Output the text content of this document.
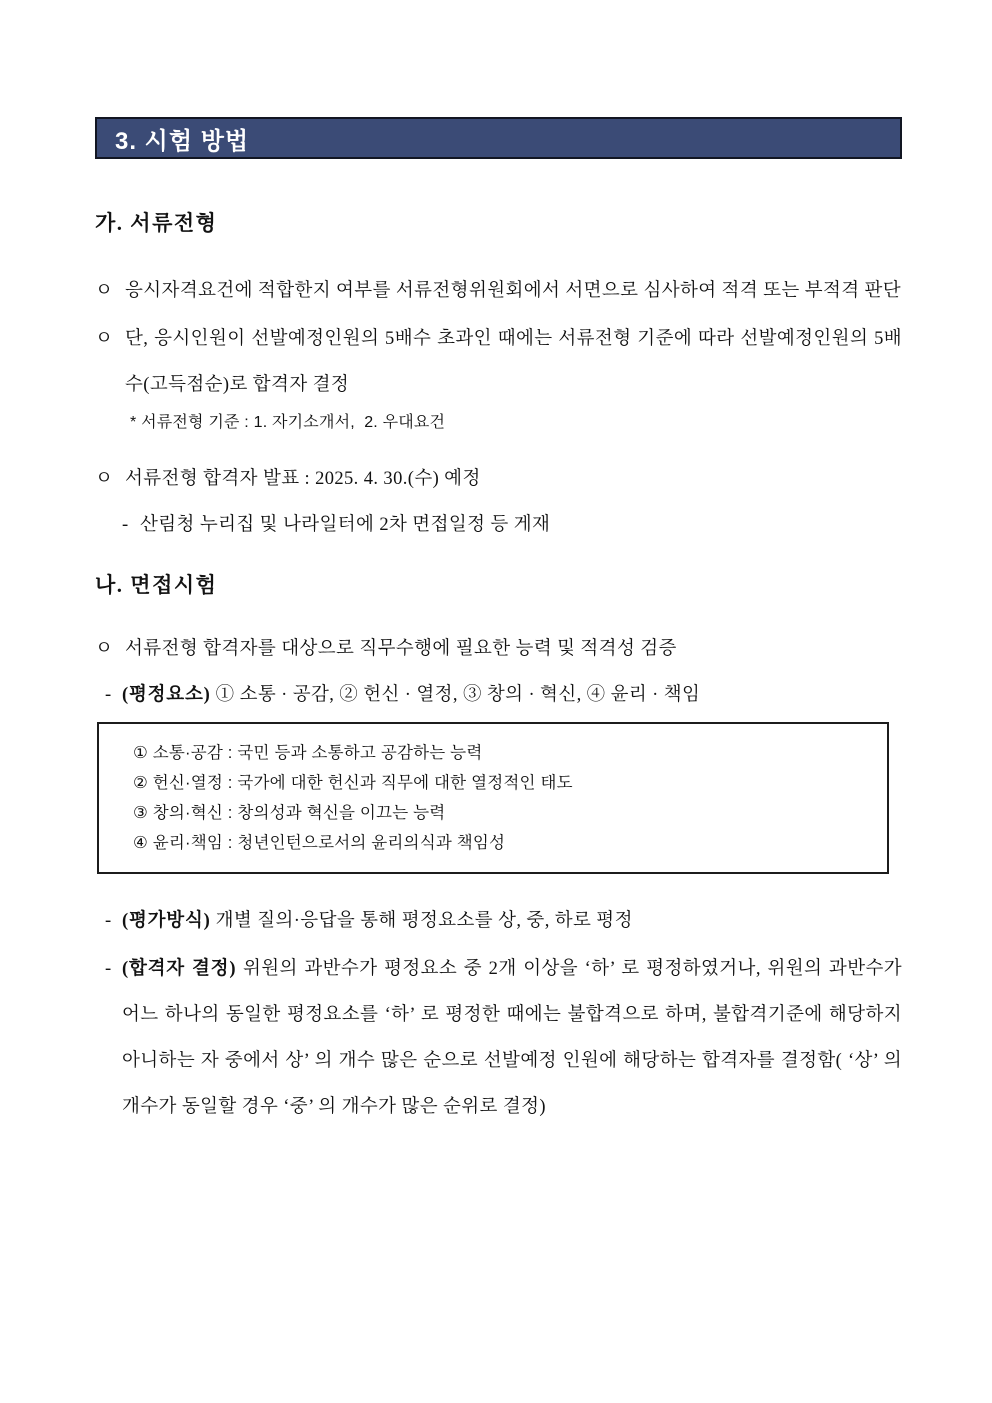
3. 시험 방법
가. 서류전형
ㅇ 응시자격요건에 적합한지 여부를 서류전형위원회에서 서면으로 심사하여 적격 또는 부적격 판단
ㅇ 단, 응시인원이 선발예정인원의 5배수 초과인 때에는 서류전형 기준에 따라 선발예정인원의 5배수(고득점순)로 합격자 결정
* 서류전형 기준 : 1. 자기소개서,  2. 우대요건
ㅇ 서류전형 합격자 발표 : 2025. 4. 30.(수) 예정
- 산림청 누리집 및 나라일터에 2차 면접일정 등 게재
나. 면접시험
ㅇ 서류전형 합격자를 대상으로 직무수행에 필요한 능력 및 적격성 검증
- (평정요소) ① 소통 · 공감, ② 헌신 · 열정, ③ 창의 · 혁신, ④ 윤리 · 책임
① 소통·공감 : 국민 등과 소통하고 공감하는 능력
② 헌신·열정 : 국가에 대한 헌신과 직무에 대한 열정적인 태도
③ 창의·혁신 : 창의성과 혁신을 이끄는 능력
④ 윤리·책임 : 청년인턴으로서의 윤리의식과 책임성
- (평가방식) 개별 질의·응답을 통해 평정요소를 상, 중, 하로 평정
- (합격자 결정) 위원의 과반수가 평정요소 중 2개 이상을 ‘하’ 로 평정하였거나, 위원의 과반수가 어느 하나의 동일한 평정요소를 ‘하’ 로 평정한 때에는 불합격으로 하며, 불합격기준에 해당하지 아니하는 자 중에서 상’ 의 개수 많은 순으로 선발예정 인원에 해당하는 합격자를 결정함( ‘상’ 의 개수가 동일할 경우 ‘중’ 의 개수가 많은 순위로 결정)
